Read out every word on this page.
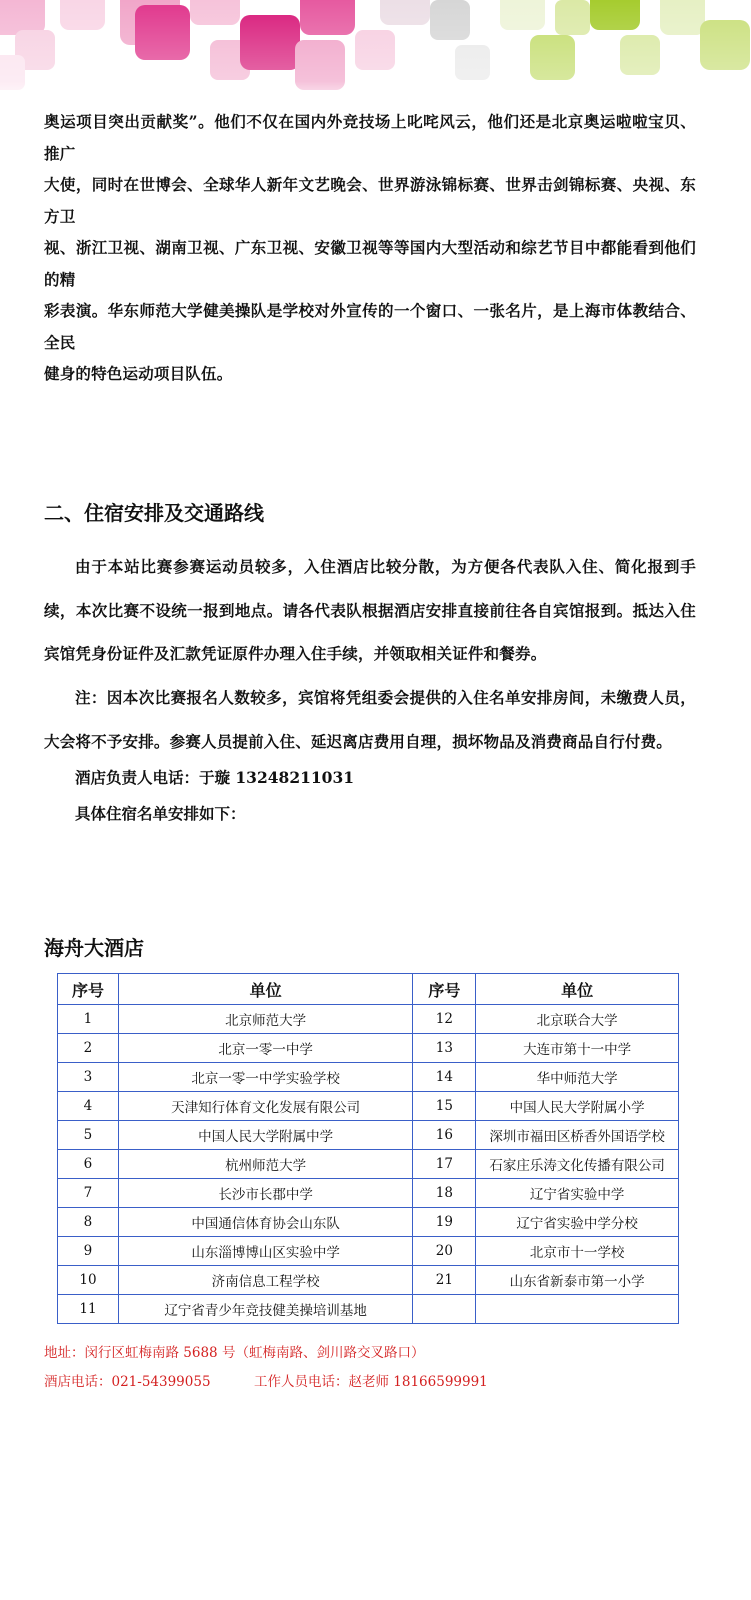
奥运项目突出贡献奖”。他们不仅在国内外竞技场上叱咤风云，他们还是北京奥运啦啦宝贝、推广
大使，同时在世博会、全球华人新年文艺晚会、世界游泳锦标赛、世界击剑锦标赛、央视、东方卫
视、浙江卫视、湖南卫视、广东卫视、安徽卫视等等国内大型活动和综艺节目中都能看到他们的精
彩表演。华东师范大学健美操队是学校对外宣传的一个窗口、一张名片，是上海市体教结合、全民
健身的特色运动项目队伍。
二、住宿安排及交通路线
由于本站比赛参赛运动员较多，入住酒店比较分散，为方便各代表队入住、简化报到手续，本次比赛不设统一报到地点。请各代表队根据酒店安排直接前往各自宾馆报到。抵达入住宾馆凭身份证件及汇款凭证原件办理入住手续，并领取相关证件和餐券。
注：因本次比赛报名人数较多，宾馆将凭组委会提供的入住名单安排房间，未缴费人员，大会将不予安排。参赛人员提前入住、延迟离店费用自理，损坏物品及消费商品自行付费。
酒店负责人电话：于璇 13248211031
具体住宿名单安排如下：
海舟大酒店
序号	单位	序号	单位
1	北京师范大学	12	北京联合大学
2	北京一零一中学	13	大连市第十一中学
3	北京一零一中学实验学校	14	华中师范大学
4	天津知行体育文化发展有限公司	15	中国人民大学附属小学
5	中国人民大学附属中学	16	深圳市福田区桥香外国语学校
6	杭州师范大学	17	石家庄乐涛文化传播有限公司
7	长沙市长郡中学	18	辽宁省实验中学
8	中国通信体育协会山东队	19	辽宁省实验中学分校
9	山东淄博博山区实验中学	20	北京市十一学校
10	济南信息工程学校	21	山东省新泰市第一小学
11	辽宁省青少年竞技健美操培训基地		
地址：闵行区虹梅南路 5688 号（虹梅南路、剑川路交叉路口）
酒店电话：021-54399055	工作人员电话：赵老师 18166599991
